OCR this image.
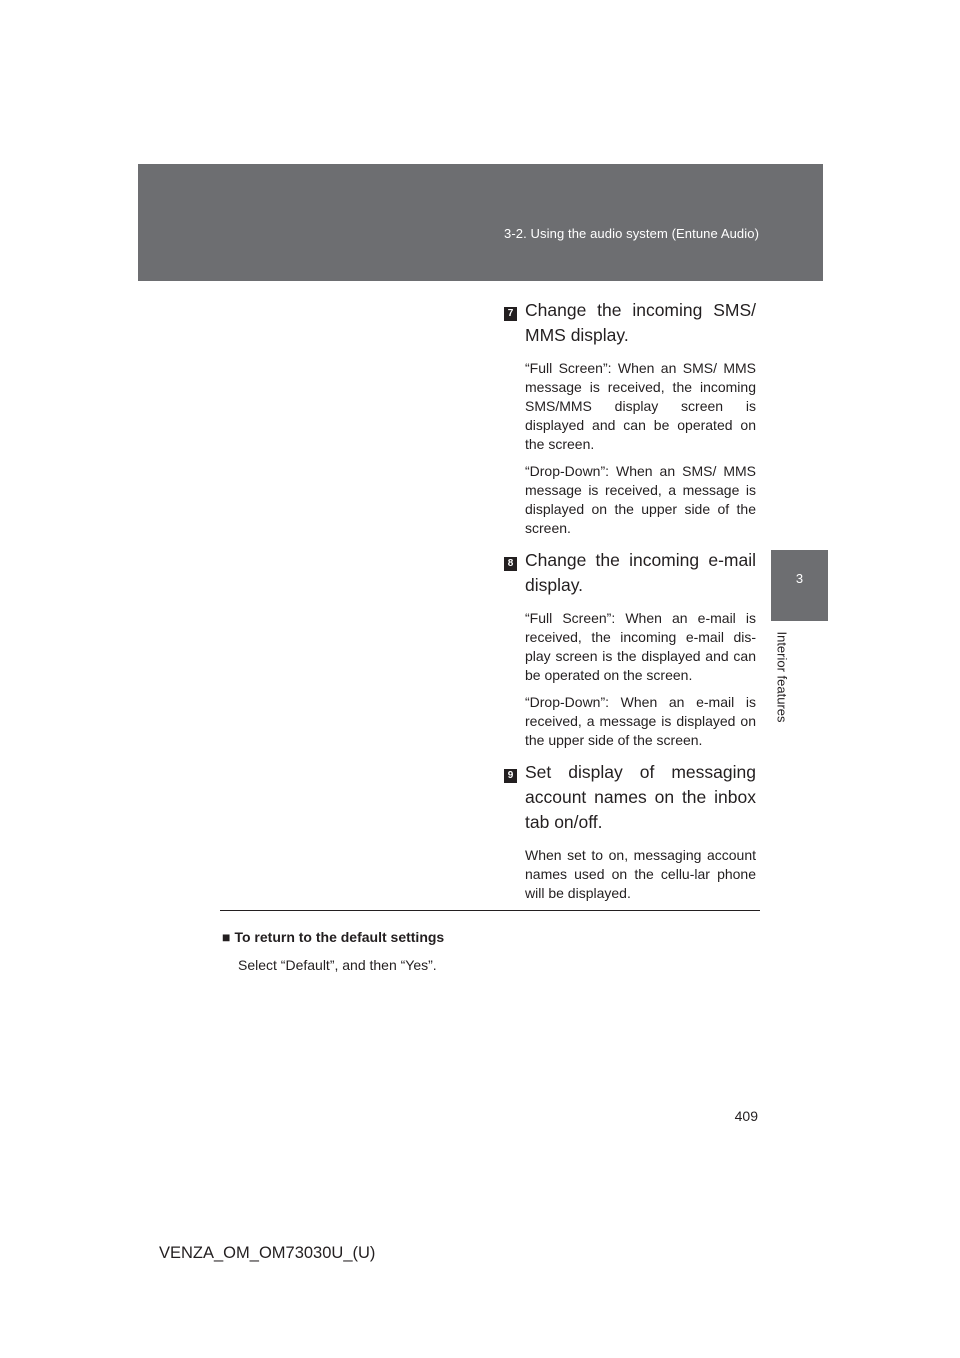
3-2. Using the audio system (Entune Audio)
3
Interior features
7 Change the incoming SMS/ MMS display.

“Full Screen”: When an SMS/ MMS message is received, the incoming SMS/MMS display screen is displayed and can be operated on the screen.

“Drop-Down”: When an SMS/ MMS message is received, a message is displayed on the upper side of the screen.

8 Change the incoming e-mail display.

“Full Screen”: When an e-mail is received, the incoming e-mail dis-play screen is the displayed and can be operated on the screen.

“Drop-Down”: When an e-mail is received, a message is displayed on the upper side of the screen.

9 Set display of messaging account names on the inbox tab on/off.

When set to on, messaging account names used on the cellu-lar phone will be displayed.

■ To return to the default settings
Select “Default”, and then “Yes”.
409
VENZA_OM_OM73030U_(U)
